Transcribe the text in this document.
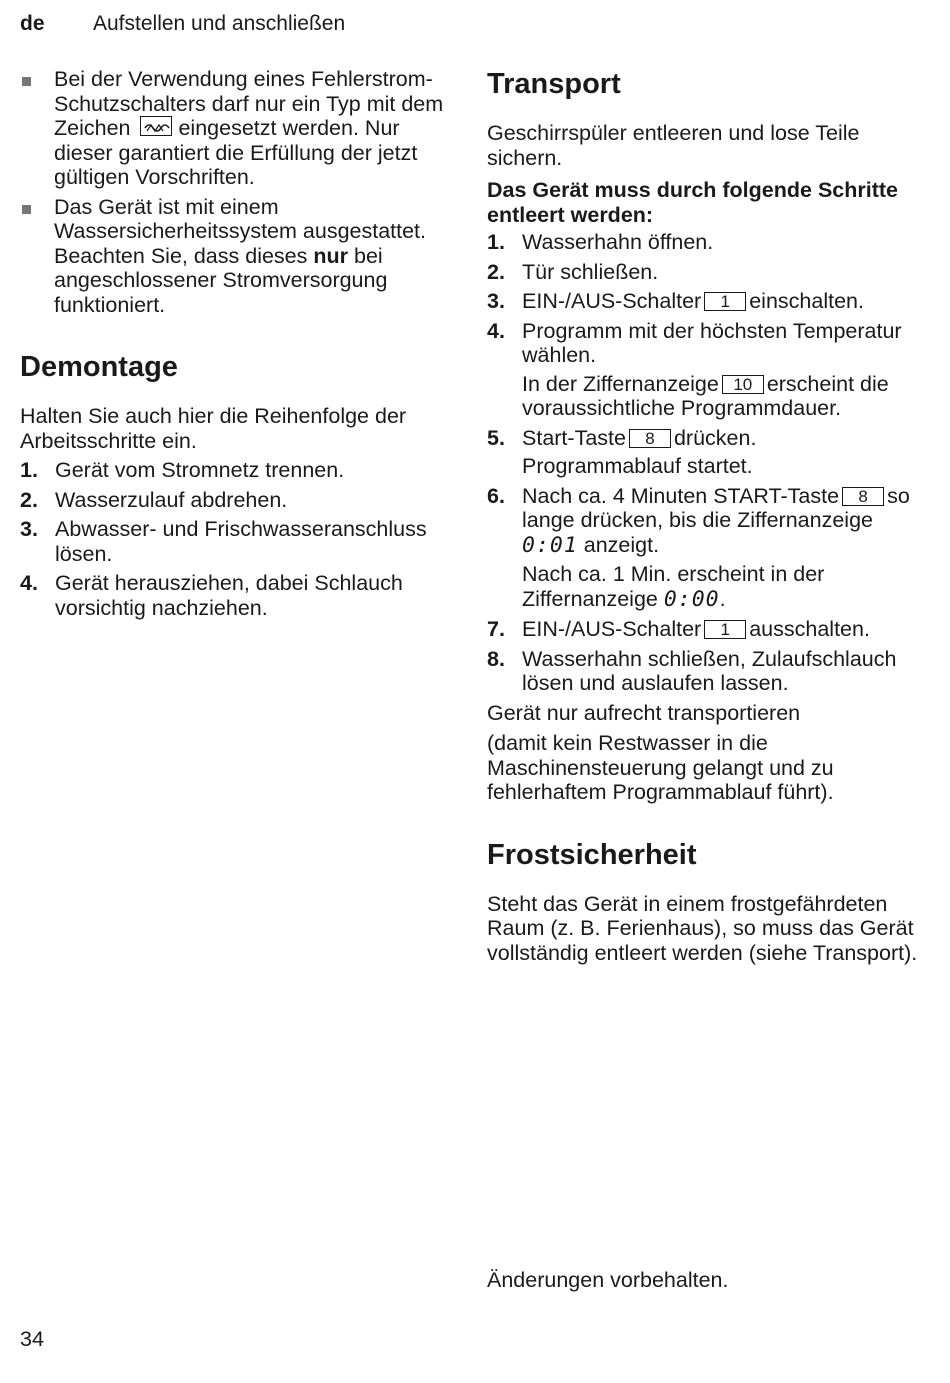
de Aufstellen und anschließen
Bei der Verwendung eines Fehlerstrom-Schutzschalters darf nur ein Typ mit dem Zeichen eingesetzt werden. Nur dieser garantiert die Erfüllung der jetzt gültigen Vorschriften.
Das Gerät ist mit einem Wassersicherheitssystem ausgestattet. Beachten Sie, dass dieses nur bei angeschlossener Stromversorgung funktioniert.
Demontage

Halten Sie auch hier die Reihenfolge der Arbeitsschritte ein.

1. Gerät vom Stromnetz trennen.
2. Wasserzulauf abdrehen.
3. Abwasser- und Frischwasseranschluss lösen.
4. Gerät herausziehen, dabei Schlauch vorsichtig nachziehen.
Transport

Geschirrspüler entleeren und lose Teile sichern.

Das Gerät muss durch folgende Schritte entleert werden:

1. Wasserhahn öffnen.
2. Tür schließen.
3. EIN-/AUS-Schalter 1 einschalten.
4. Programm mit der höchsten Temperatur wählen.
In der Ziffernanzeige 10 erscheint die voraussichtliche Programmdauer.
5. Start-Taste 8 drücken.
Programmablauf startet.
6. Nach ca. 4 Minuten START-Taste 8 so lange drücken, bis die Ziffernanzeige 0:01 anzeigt.
Nach ca. 1 Min. erscheint in der Ziffernanzeige 0:00.
7. EIN-/AUS-Schalter 1 ausschalten.
8. Wasserhahn schließen, Zulaufschlauch lösen und auslaufen lassen.

Gerät nur aufrecht transportieren

(damit kein Restwasser in die Maschinensteuerung gelangt und zu fehlerhaftem Programmablauf führt).

Frostsicherheit

Steht das Gerät in einem frostgefährdeten Raum (z. B. Ferienhaus), so muss das Gerät vollständig entleert werden (siehe Transport).

Änderungen vorbehalten.
34
